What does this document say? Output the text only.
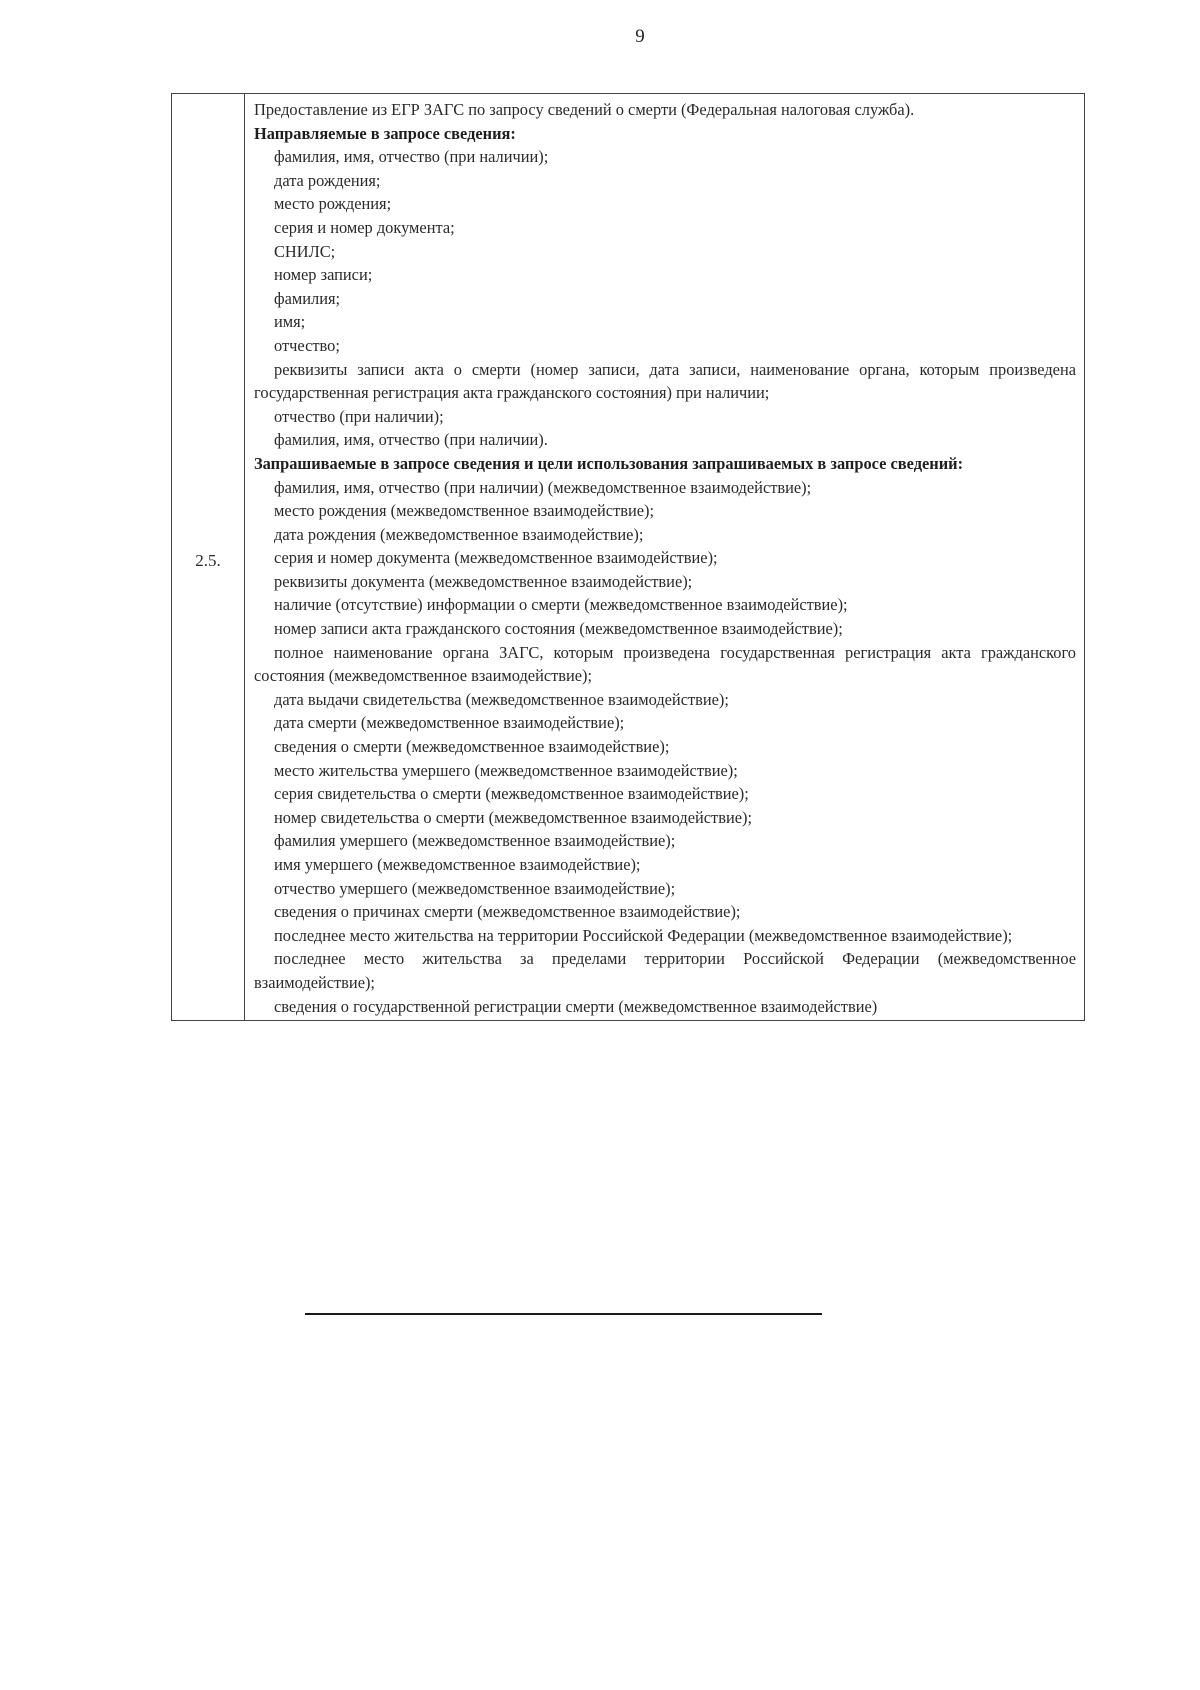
9
2.5.	

Предоставление из ЕГР ЗАГС по запросу сведений о смерти (Федеральная налоговая служба).

Направляемые в запросе сведения:

фамилия, имя, отчество (при наличии);

дата рождения;

место рождения;

серия и номер документа;

СНИЛС;

номер записи;

фамилия;

имя;

отчество;

реквизиты записи акта о смерти (номер записи, дата записи, наименование органа, которым произведена государственная регистрация акта гражданского состояния) при наличии;

отчество (при наличии);

фамилия, имя, отчество (при наличии).

Запрашиваемые в запросе сведения и цели использования запрашиваемых в запросе сведений:

фамилия, имя, отчество (при наличии) (межведомственное взаимодействие);

место рождения (межведомственное взаимодействие);

дата рождения (межведомственное взаимодействие);

серия и номер документа (межведомственное взаимодействие);

реквизиты документа (межведомственное взаимодействие);

наличие (отсутствие) информации о смерти (межведомственное взаимодействие);

номер записи акта гражданского состояния (межведомственное взаимодействие);

полное наименование органа ЗАГС, которым произведена государственная регистрация акта гражданского состояния (межведомственное взаимодействие);

дата выдачи свидетельства (межведомственное взаимодействие);

дата смерти (межведомственное взаимодействие);

сведения о смерти (межведомственное взаимодействие);

место жительства умершего (межведомственное взаимодействие);

серия свидетельства о смерти (межведомственное взаимодействие);

номер свидетельства о смерти (межведомственное взаимодействие);

фамилия умершего (межведомственное взаимодействие);

имя умершего (межведомственное взаимодействие);

отчество умершего (межведомственное взаимодействие);

сведения о причинах смерти (межведомственное взаимодействие);

последнее место жительства на территории Российской Федерации (межведомственное взаимодействие);

последнее место жительства за пределами территории Российской Федерации (межведомственное взаимодействие);

сведения о государственной регистрации смерти (межведомственное взаимодействие)
